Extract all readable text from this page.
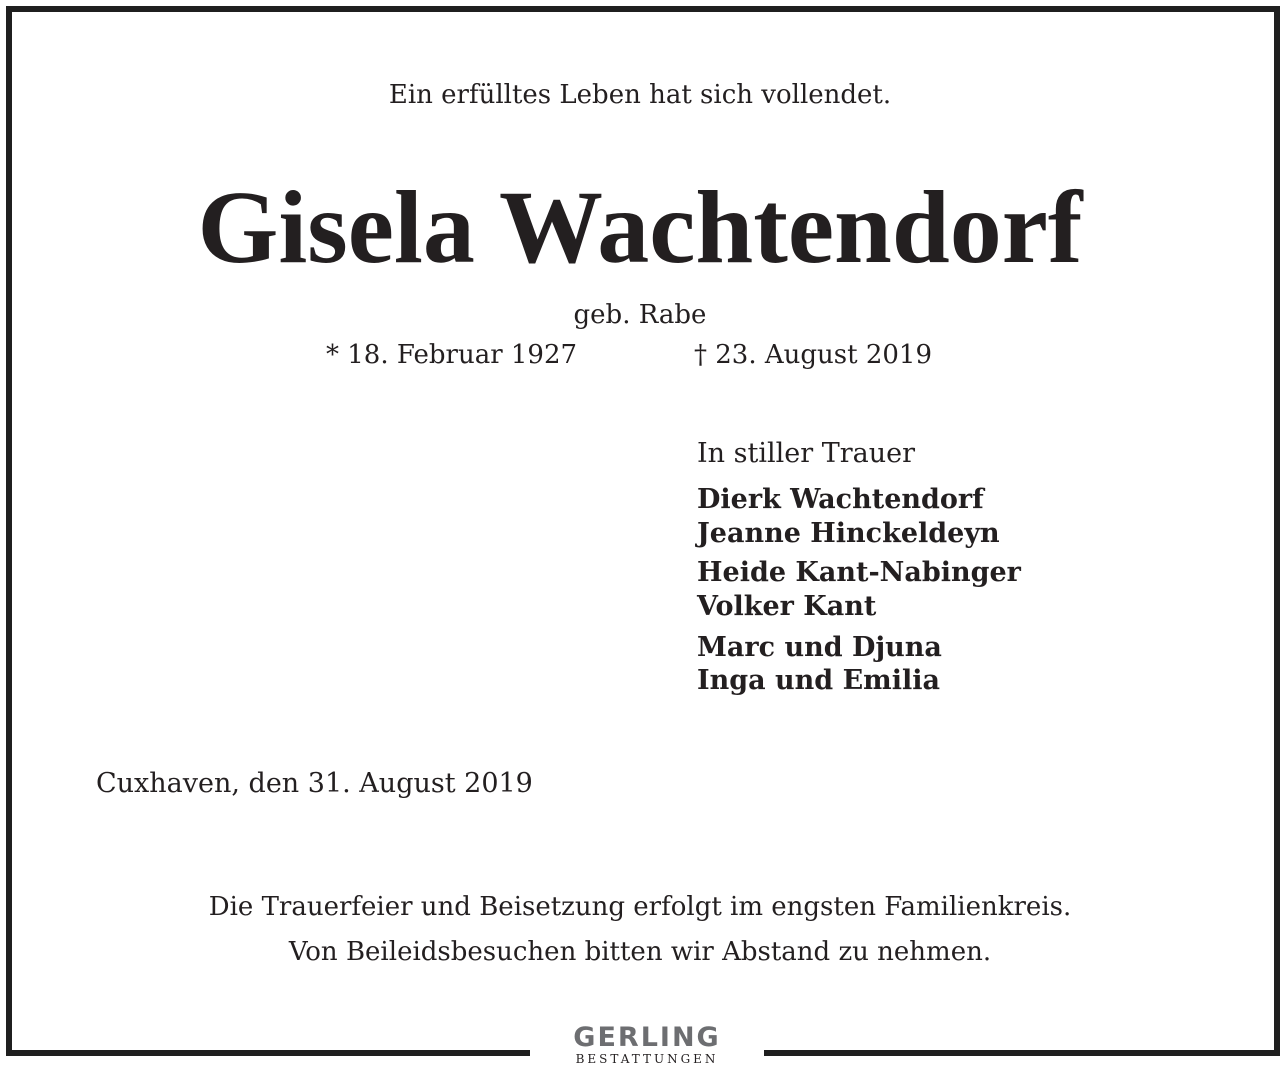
Ein erfülltes Leben hat sich vollendet.
Gisela Wachtendorf
geb. Rabe
* 18. Februar 1927	† 23. August 2019
In stiller Trauer
Dierk Wachtendorf
Jeanne Hinckeldeyn
Heide Kant-Nabinger
Volker Kant
Marc und Djuna
Inga und Emilia
Cuxhaven, den 31. August 2019
Die Trauerfeier und Beisetzung erfolgt im engsten Familienkreis.
Von Beileidsbesuchen bitten wir Abstand zu nehmen.
GERLING
BESTATTUNGEN
